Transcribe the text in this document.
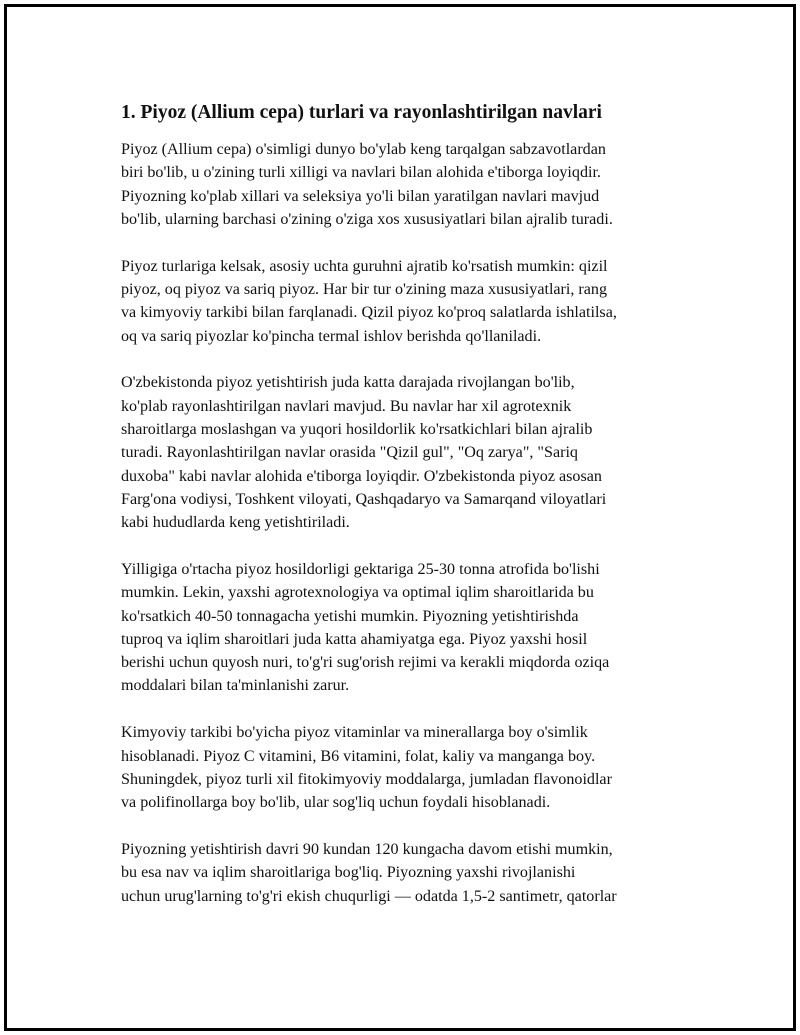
1. Piyoz (Allium cepa) turlari va rayonlashtirilgan navlari

Piyoz (Allium cepa) o'simligi dunyo bo'ylab keng tarqalgan sabzavotlardan
biri bo'lib, u o'zining turli xilligi va navlari bilan alohida e'tiborga loyiqdir.
Piyozning ko'plab xillari va seleksiya yo'li bilan yaratilgan navlari mavjud
bo'lib, ularning barchasi o'zining o'ziga xos xususiyatlari bilan ajralib turadi.

Piyoz turlariga kelsak, asosiy uchta guruhni ajratib ko'rsatish mumkin: qizil
piyoz, oq piyoz va sariq piyoz. Har bir tur o'zining maza xususiyatlari, rang
va kimyoviy tarkibi bilan farqlanadi. Qizil piyoz ko'proq salatlarda ishlatilsa,
oq va sariq piyozlar ko'pincha termal ishlov berishda qo'llaniladi.

O'zbekistonda piyoz yetishtirish juda katta darajada rivojlangan bo'lib,
ko'plab rayonlashtirilgan navlari mavjud. Bu navlar har xil agrotexnik
sharoitlarga moslashgan va yuqori hosildorlik ko'rsatkichlari bilan ajralib
turadi. Rayonlashtirilgan navlar orasida "Qizil gul", "Oq zarya", "Sariq
duxoba" kabi navlar alohida e'tiborga loyiqdir. O'zbekistonda piyoz asosan
Farg'ona vodiysi, Toshkent viloyati, Qashqadaryo va Samarqand viloyatlari
kabi hududlarda keng yetishtiriladi.

Yilligiga o'rtacha piyoz hosildorligi gektariga 25-30 tonna atrofida bo'lishi
mumkin. Lekin, yaxshi agrotexnologiya va optimal iqlim sharoitlarida bu
ko'rsatkich 40-50 tonnagacha yetishi mumkin. Piyozning yetishtirishda
tuproq va iqlim sharoitlari juda katta ahamiyatga ega. Piyoz yaxshi hosil
berishi uchun quyosh nuri, to'g'ri sug'orish rejimi va kerakli miqdorda oziqa
moddalari bilan ta'minlanishi zarur.

Kimyoviy tarkibi bo'yicha piyoz vitaminlar va minerallarga boy o'simlik
hisoblanadi. Piyoz C vitamini, B6 vitamini, folat, kaliy va manganga boy.
Shuningdek, piyoz turli xil fitokimyoviy moddalarga, jumladan flavonoidlar
va polifinollarga boy bo'lib, ular sog'liq uchun foydali hisoblanadi.

Piyozning yetishtirish davri 90 kundan 120 kungacha davom etishi mumkin,
bu esa nav va iqlim sharoitlariga bog'liq. Piyozning yaxshi rivojlanishi
uchun urug'larning to'g'ri ekish chuqurligi — odatda 1,5-2 santimetr, qatorlar
